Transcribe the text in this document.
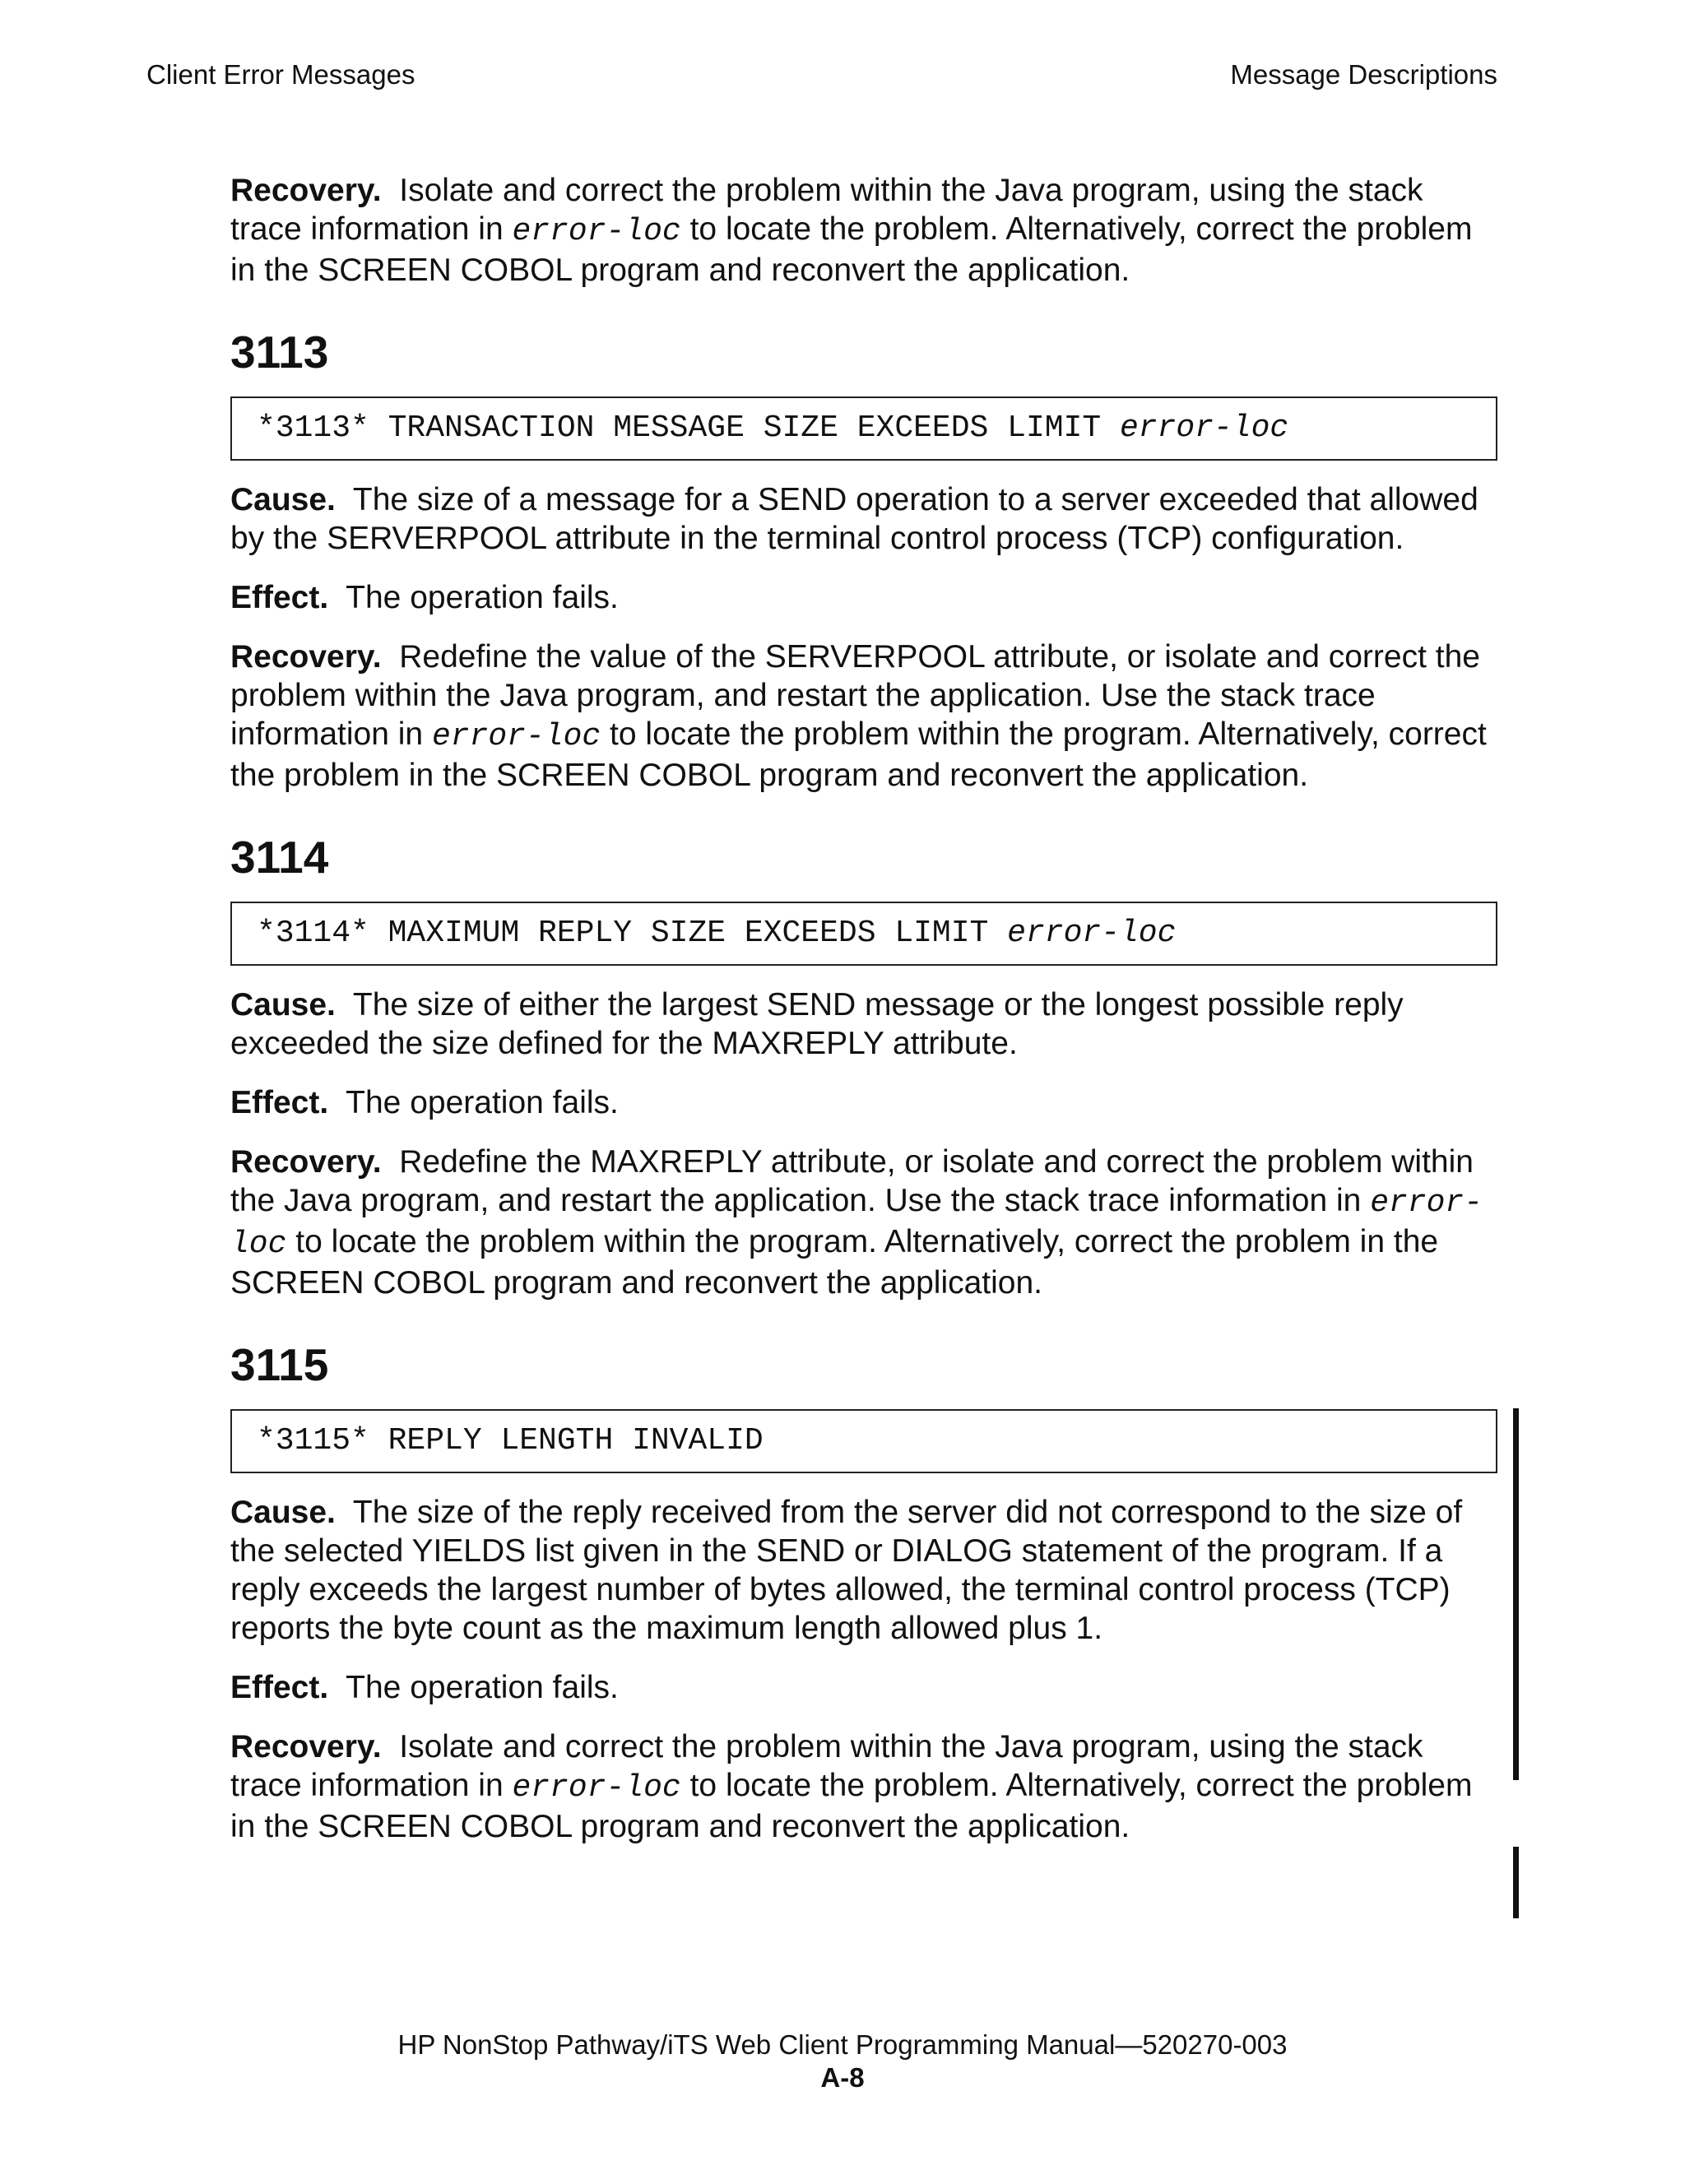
Client Error Messages	Message Descriptions

Recovery. Isolate and correct the problem within the Java program, using the stack trace information in error-loc to locate the problem. Alternatively, correct the problem in the SCREEN COBOL program and reconvert the application.

3113
*3113* TRANSACTION MESSAGE SIZE EXCEEDS LIMIT error-loc

Cause. The size of a message for a SEND operation to a server exceeded that allowed by the SERVERPOOL attribute in the terminal control process (TCP) configuration.

Effect. The operation fails.

Recovery. Redefine the value of the SERVERPOOL attribute, or isolate and correct the problem within the Java program, and restart the application. Use the stack trace information in error-loc to locate the problem within the program. Alternatively, correct the problem in the SCREEN COBOL program and reconvert the application.

3114
*3114* MAXIMUM REPLY SIZE EXCEEDS LIMIT error-loc

Cause. The size of either the largest SEND message or the longest possible reply exceeded the size defined for the MAXREPLY attribute.

Effect. The operation fails.

Recovery. Redefine the MAXREPLY attribute, or isolate and correct the problem within the Java program, and restart the application. Use the stack trace information in error-loc to locate the problem within the program. Alternatively, correct the problem in the SCREEN COBOL program and reconvert the application.

3115
*3115* REPLY LENGTH INVALID

Cause. The size of the reply received from the server did not correspond to the size of the selected YIELDS list given in the SEND or DIALOG statement of the program. If a reply exceeds the largest number of bytes allowed, the terminal control process (TCP) reports the byte count as the maximum length allowed plus 1.

Effect. The operation fails.

Recovery. Isolate and correct the problem within the Java program, using the stack trace information in error-loc to locate the problem. Alternatively, correct the problem in the SCREEN COBOL program and reconvert the application.

HP NonStop Pathway/iTS Web Client Programming Manual—520270-003
A-8
